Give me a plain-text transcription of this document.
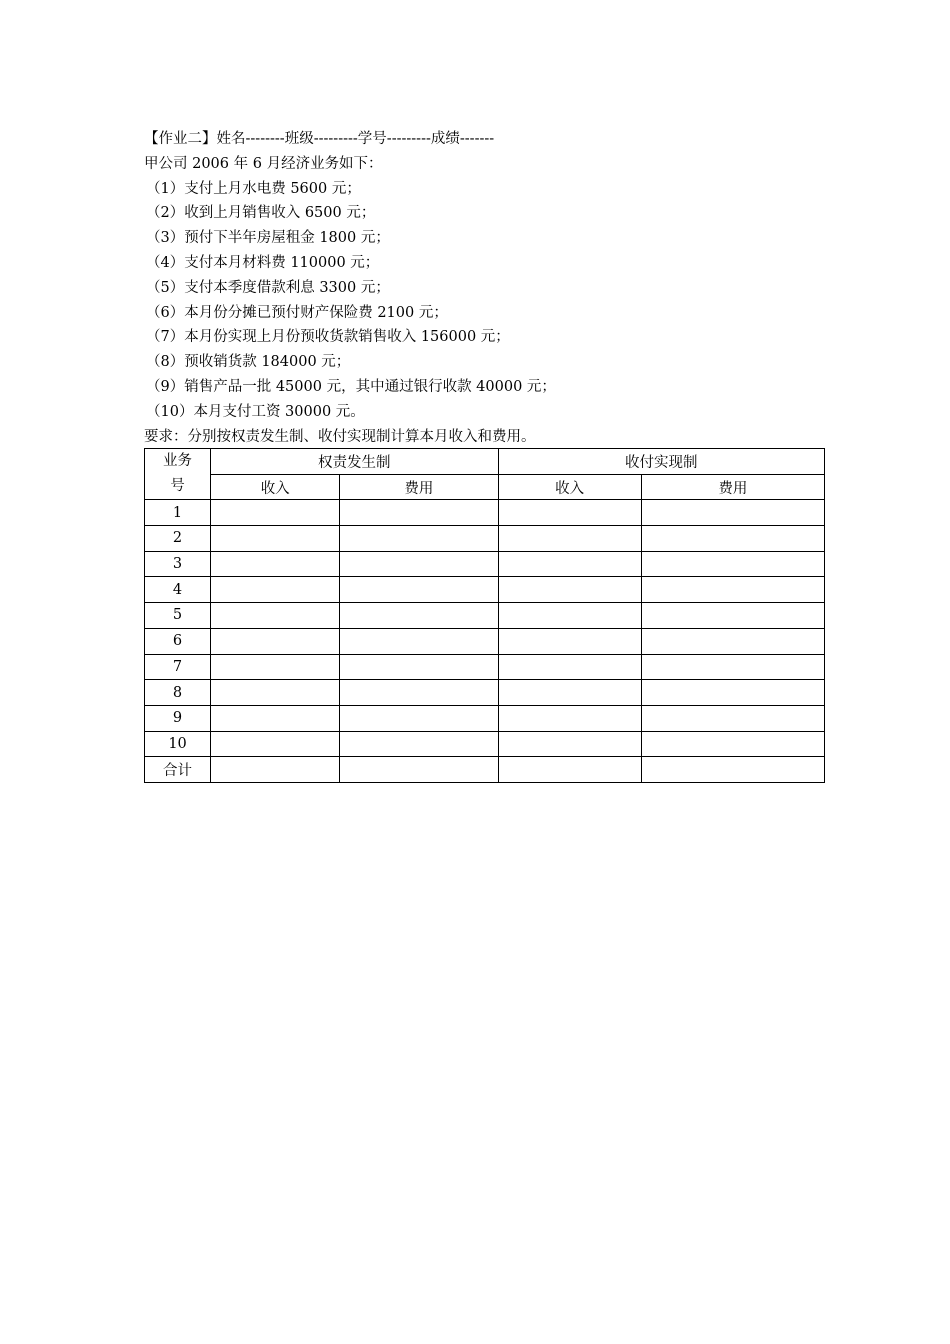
【作业二】姓名--------班级---------学号---------成绩-------
甲公司 2006 年 6 月经济业务如下：
（1）支付上月水电费 5600 元；
（2）收到上月销售收入 6500 元；
（3）预付下半年房屋租金 1800 元；
（4）支付本月材料费 110000 元；
（5）支付本季度借款利息 3300 元；
（6）本月份分摊已预付财产保险费 2100 元；
（7）本月份实现上月份预收货款销售收入 156000 元；
（8）预收销货款 184000 元；
（9）销售产品一批 45000 元，其中通过银行收款 40000 元；
（10）本月支付工资 30000 元。
要求：分别按权责发生制、收付实现制计算本月收入和费用。
业务
号	权责发生制		收付实现制	
	收入	费用	收入	费用
1				
2				
3				
4				
5				
6				
7				
8				
9				
10				
合计				
